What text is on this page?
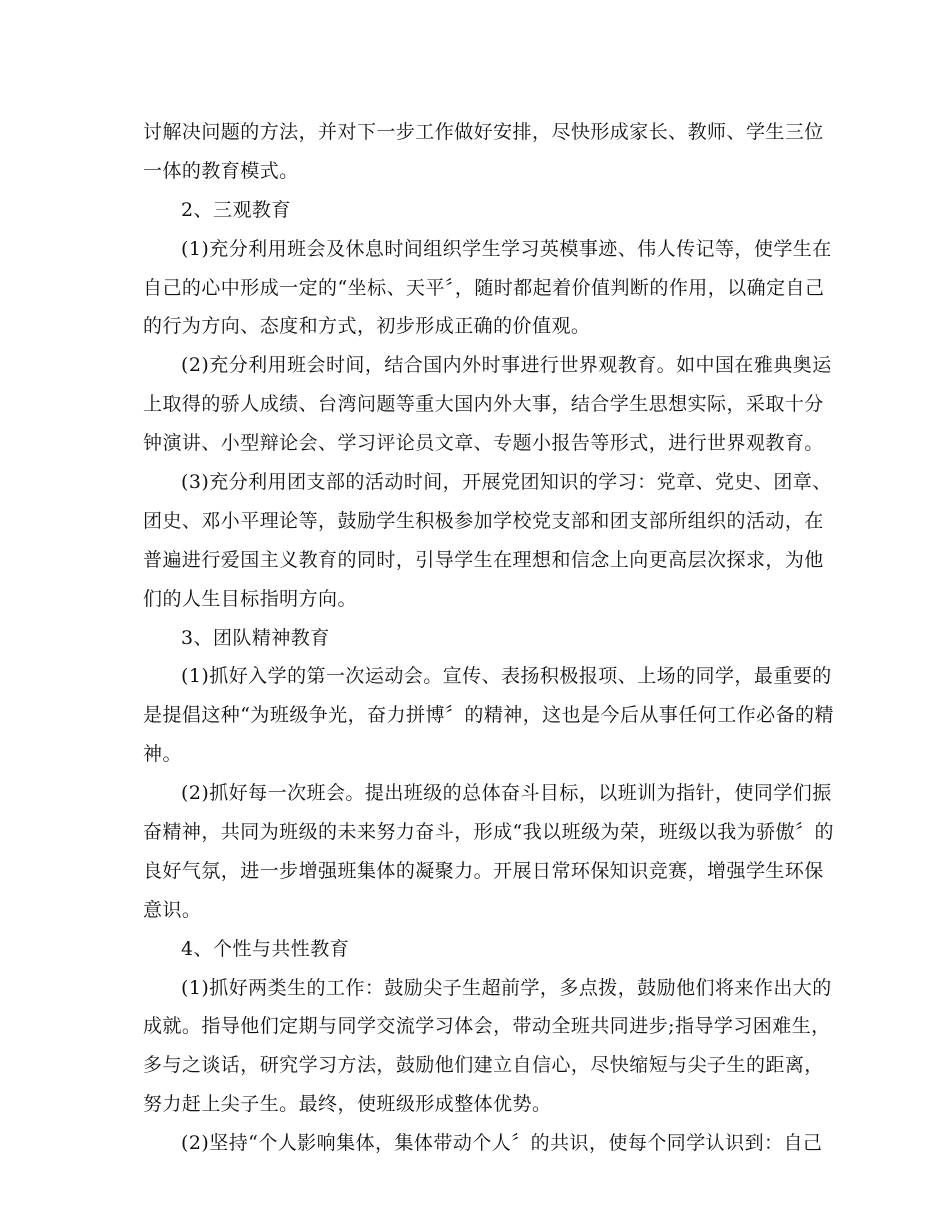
讨解决问题的方法，并对下一步工作做好安排，尽快形成家长、教师、学生三位
一体的教育模式。
2、三观教育
(1)充分利用班会及休息时间组织学生学习英模事迹、伟人传记等，使学生在
自己的心中形成一定的“坐标、天平〞，随时都起着价值判断的作用，以确定自己
的行为方向、态度和方式，初步形成正确的价值观。
(2)充分利用班会时间，结合国内外时事进行世界观教育。如中国在雅典奥运
上取得的骄人成绩、台湾问题等重大国内外大事，结合学生思想实际，采取十分
钟演讲、小型辩论会、学习评论员文章、专题小报告等形式，进行世界观教育。
(3)充分利用团支部的活动时间，开展党团知识的学习：党章、党史、团章、
团史、邓小平理论等，鼓励学生积极参加学校党支部和团支部所组织的活动，在
普遍进行爱国主义教育的同时，引导学生在理想和信念上向更高层次探求，为他
们的人生目标指明方向。
3、团队精神教育
(1)抓好入学的第一次运动会。宣传、表扬积极报项、上场的同学，最重要的
是提倡这种“为班级争光，奋力拼博〞的精神，这也是今后从事任何工作必备的精
神。
(2)抓好每一次班会。提出班级的总体奋斗目标，以班训为指针，使同学们振
奋精神，共同为班级的未来努力奋斗，形成“我以班级为荣，班级以我为骄傲〞的
良好气氛，进一步增强班集体的凝聚力。开展日常环保知识竞赛，增强学生环保
意识。
4、个性与共性教育
(1)抓好两类生的工作：鼓励尖子生超前学，多点拨，鼓励他们将来作出大的
成就。指导他们定期与同学交流学习体会，带动全班共同进步;指导学习困难生，
多与之谈话，研究学习方法，鼓励他们建立自信心，尽快缩短与尖子生的距离，
努力赶上尖子生。最终，使班级形成整体优势。
(2)坚持“个人影响集体，集体带动个人〞的共识，使每个同学认识到：自己
